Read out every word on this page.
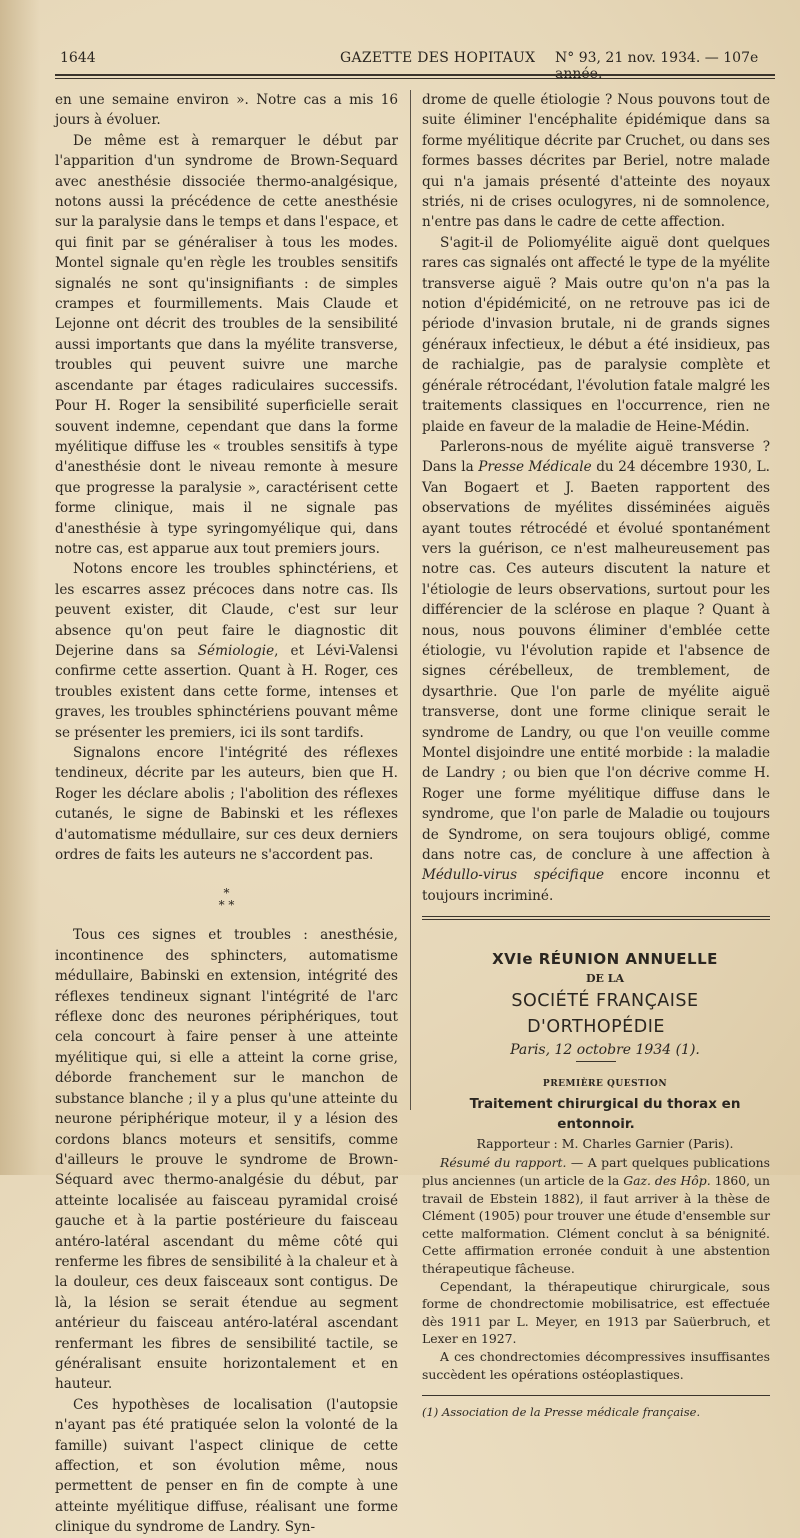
1644	GAZETTE DES HOPITAUX N° 93, 21 nov. 1934. — 107e année.

en une semaine environ ». Notre cas a mis 16 jours à évoluer.

De même est à remarquer le début par l'apparition d'un syndrome de Brown-Sequard avec anesthésie dissociée thermo-analgésique, notons aussi la précédence de cette anesthésie sur la paralysie dans le temps et dans l'espace, et qui finit par se généraliser à tous les modes. Montel signale qu'en règle les troubles sensitifs signalés ne sont qu'insignifiants : de simples crampes et fourmillements. Mais Claude et Lejonne ont décrit des troubles de la sensibilité aussi importants que dans la myélite transverse, troubles qui peuvent suivre une marche ascendante par étages radiculaires successifs. Pour H. Roger la sensibilité superficielle serait souvent indemne, cependant que dans la forme myélitique diffuse les « troubles sensitifs à type d'anesthésie dont le niveau remonte à mesure que progresse la paralysie », caractérisent cette forme clinique, mais il ne signale pas d'anesthésie à type syringomyélique qui, dans notre cas, est apparue aux tout premiers jours.

Notons encore les troubles sphinctériens, et les escarres assez précoces dans notre cas. Ils peuvent exister, dit Claude, c'est sur leur absence qu'on peut faire le diagnostic dit Dejerine dans sa Sémiologie, et Lévi-Valensi confirme cette assertion. Quant à H. Roger, ces troubles existent dans cette forme, intenses et graves, les troubles sphinctériens pouvant même se présenter les premiers, ici ils sont tardifs.

Signalons encore l'intégrité des réflexes tendineux, décrite par les auteurs, bien que H. Roger les déclare abolis ; l'abolition des réflexes cutanés, le signe de Babinski et les réflexes d'automatisme médullaire, sur ces deux derniers ordres de faits les auteurs ne s'accordent pas.

*
* *

Tous ces signes et troubles : anesthésie, incontinence des sphincters, automatisme médullaire, Babinski en extension, intégrité des réflexes tendineux signant l'intégrité de l'arc réflexe donc des neurones périphériques, tout cela concourt à faire penser à une atteinte myélitique qui, si elle a atteint la corne grise, déborde franchement sur le manchon de substance blanche ; il y a plus qu'une atteinte du neurone périphérique moteur, il y a lésion des cordons blancs moteurs et sensitifs, comme d'ailleurs le prouve le syndrome de Brown-Séquard avec thermo-analgésie du début, par atteinte localisée au faisceau pyramidal croisé gauche et à la partie postérieure du faisceau antéro-latéral ascendant du même côté qui renferme les fibres de sensibilité à la chaleur et à la douleur, ces deux faisceaux sont contigus. De là, la lésion se serait étendue au segment antérieur du faisceau antéro-latéral ascendant renfermant les fibres de sensibilité tactile, se généralisant ensuite horizontalement et en hauteur.

Ces hypothèses de localisation (l'autopsie n'ayant pas été pratiquée selon la volonté de la famille) suivant l'aspect clinique de cette affection, et son évolution même, nous permettent de penser en fin de compte à une atteinte myélitique diffuse, réalisant une forme clinique du syndrome de Landry. Syn-

drome de quelle étiologie ? Nous pouvons tout de suite éliminer l'encéphalite épidémique dans sa forme myélitique décrite par Cruchet, ou dans ses formes basses décrites par Beriel, notre malade qui n'a jamais présenté d'atteinte des noyaux striés, ni de crises oculogyres, ni de somnolence, n'entre pas dans le cadre de cette affection.

S'agit-il de Poliomyélite aiguë dont quelques rares cas signalés ont affecté le type de la myélite transverse aiguë ? Mais outre qu'on n'a pas la notion d'épidémicité, on ne retrouve pas ici de période d'invasion brutale, ni de grands signes généraux infectieux, le début a été insidieux, pas de rachialgie, pas de paralysie complète et générale rétrocédant, l'évolution fatale malgré les traitements classiques en l'occurrence, rien ne plaide en faveur de la maladie de Heine-Médin.

Parlerons-nous de myélite aiguë transverse ? Dans la Presse Médicale du 24 décembre 1930, L. Van Bogaert et J. Baeten rapportent des observations de myélites disséminées aiguës ayant toutes rétrocédé et évolué spontanément vers la guérison, ce n'est malheureusement pas notre cas. Ces auteurs discutent la nature et l'étiologie de leurs observations, surtout pour les différencier de la sclérose en plaque ? Quant à nous, nous pouvons éliminer d'emblée cette étiologie, vu l'évolution rapide et l'absence de signes cérébelleux, de tremblement, de dysarthrie. Que l'on parle de myélite aiguë transverse, dont une forme clinique serait le syndrome de Landry, ou que l'on veuille comme Montel disjoindre une entité morbide : la maladie de Landry ; ou bien que l'on décrive comme H. Roger une forme myélitique diffuse dans le syndrome, que l'on parle de Maladie ou toujours de Syndrome, on sera toujours obligé, comme dans notre cas, de conclure à une affection à Médullo-virus spécifique encore inconnu et toujours incriminé.

XVIe RÉUNION ANNUELLE

DE LA

SOCIÉTÉ FRANÇAISE D'ORTHOPÉDIE

Paris, 12 octobre 1934 (1).

PREMIÈRE QUESTION

Traitement chirurgical du thorax en entonnoir.

Rapporteur : M. Charles Garnier (Paris).

Résumé du rapport. — A part quelques publications plus anciennes (un article de la Gaz. des Hôp. 1860, un travail de Ebstein 1882), il faut arriver à la thèse de Clément (1905) pour trouver une étude d'ensemble sur cette malformation. Clément conclut à sa bénignité. Cette affirmation erronée conduit à une abstention thérapeutique fâcheuse.

Cependant, la thérapeutique chirurgicale, sous forme de chondrectomie mobilisatrice, est effectuée dès 1911 par L. Meyer, en 1913 par Saüerbruch, et Lexer en 1927.

A ces chondrectomies décompressives insuffisantes succèdent les opérations ostéoplastiques.

(1) Association de la Presse médicale française.
